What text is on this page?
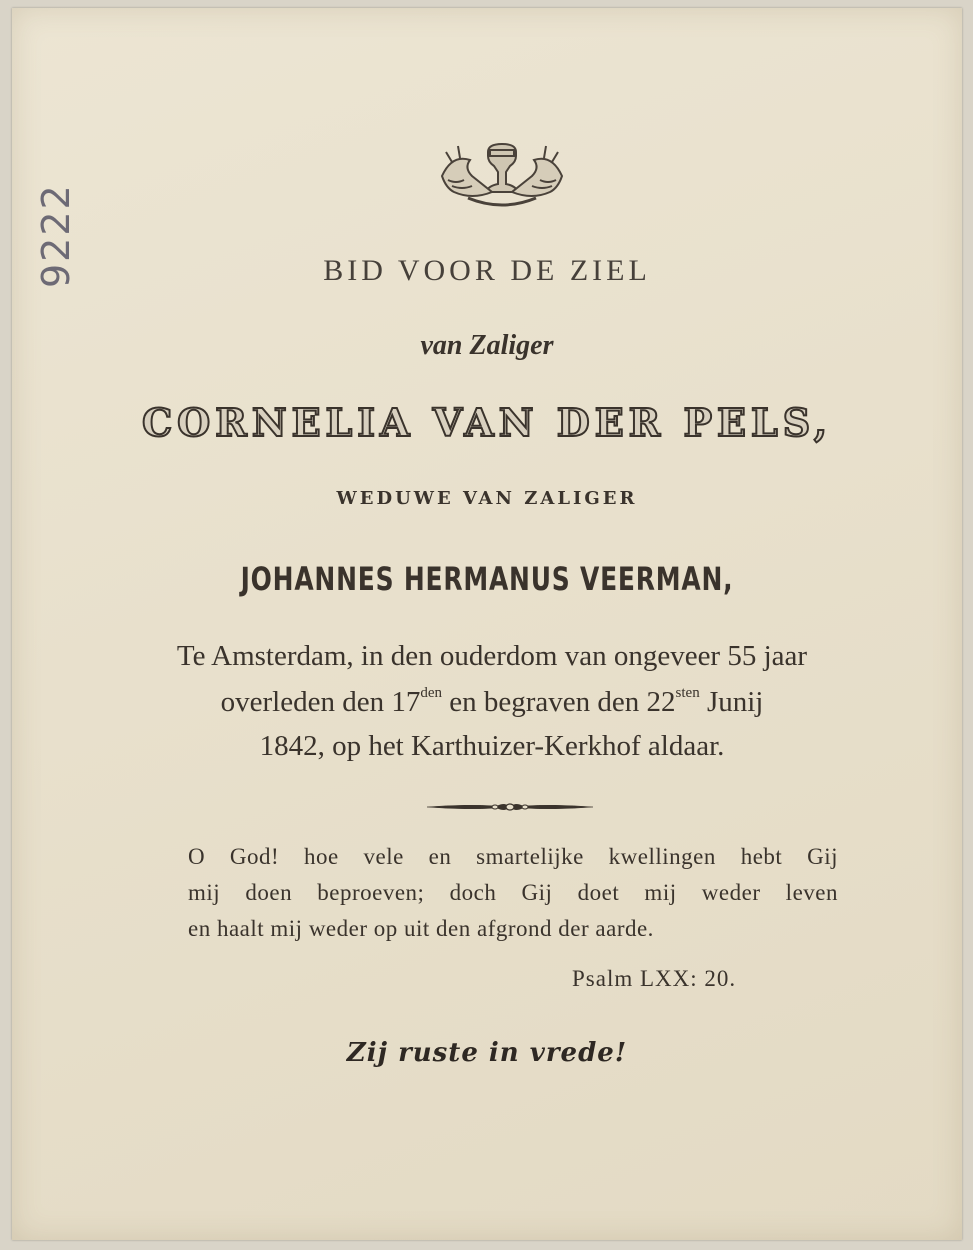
9222	BID VOOR DE ZIEL
van Zaliger
CORNELIA VAN DER PELS,
WEDUWE VAN ZALIGER
JOHANNES HERMANUS VEERMAN,
Te Amsterdam, in den ouderdom van ongeveer 55 jaar
overleden den $17^{den}$ en begraven den $22^{sten}$ Junij
1842, op het Karthuizer-Kerkhof aldaar.
O God! hoe vele en smartelijke kwellingen hebt Gij
mij doen beproeven; doch Gij doet mij weder leven
en haalt mij weder op uit den afgrond der aarde.
Psalm LXX: 20.
Zij ruste in vrede!
